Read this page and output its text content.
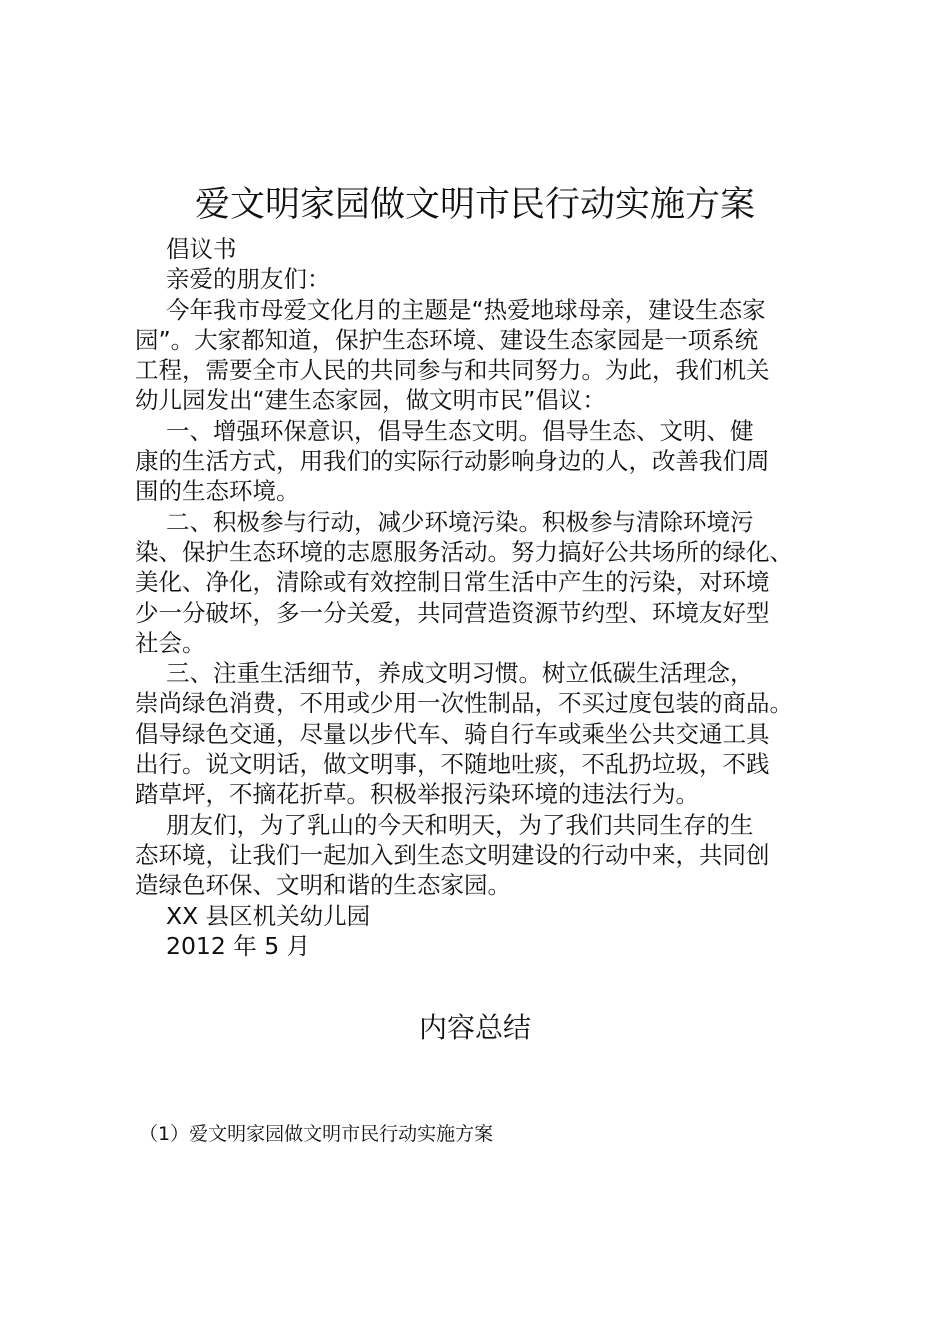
爱文明家园做文明市民行动实施方案
倡议书
亲爱的朋友们：
今年我市母爱文化月的主题是“热爱地球母亲，建设生态家
园”。大家都知道，保护生态环境、建设生态家园是一项系统
工程，需要全市人民的共同参与和共同努力。为此，我们机关
幼儿园发出“建生态家园，做文明市民”倡议：
一、增强环保意识，倡导生态文明。倡导生态、文明、健
康的生活方式，用我们的实际行动影响身边的人，改善我们周
围的生态环境。
二、积极参与行动，减少环境污染。积极参与清除环境污
染、保护生态环境的志愿服务活动。努力搞好公共场所的绿化、
美化、净化，清除或有效控制日常生活中产生的污染，对环境
少一分破坏，多一分关爱，共同营造资源节约型、环境友好型
社会。
三、注重生活细节，养成文明习惯。树立低碳生活理念，
崇尚绿色消费，不用或少用一次性制品，不买过度包装的商品。
倡导绿色交通，尽量以步代车、骑自行车或乘坐公共交通工具
出行。说文明话，做文明事，不随地吐痰，不乱扔垃圾，不践
踏草坪，不摘花折草。积极举报污染环境的违法行为。
朋友们，为了乳山的今天和明天，为了我们共同生存的生
态环境，让我们一起加入到生态文明建设的行动中来，共同创
造绿色环保、文明和谐的生态家园。
XX 县区机关幼儿园
2012 年 5 月
内容总结
（1）爱文明家园做文明市民行动实施方案
